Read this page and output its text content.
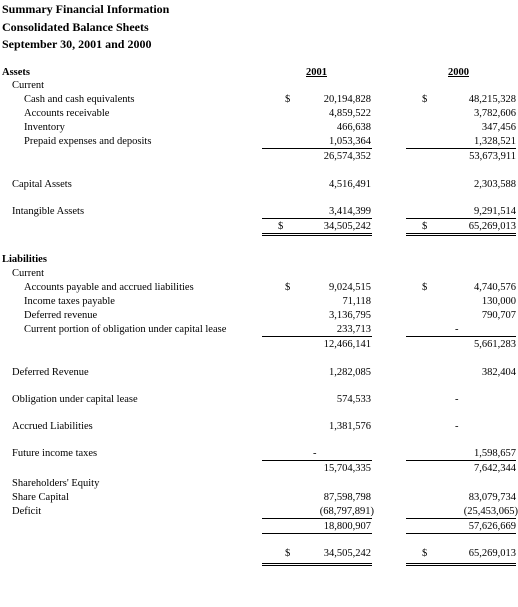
Summary Financial Information
Consolidated Balance Sheets
September 30, 2001 and 2000
2001	2000
Assets
Current
Cash and cash equivalents	$	20,194,828	$	48,215,328
Accounts receivable	4,859,522	3,782,606
Inventory	466,638	347,456
Prepaid expenses and deposits	1,053,364	1,328,521
26,574,352	53,673,911
Capital Assets	4,516,491	2,303,588
Intangible Assets	3,414,399	9,291,514
$	34,505,242	$	65,269,013
Liabilities
Current
Accounts payable and accrued liabilities	$	9,024,515	$	4,740,576
Income taxes payable	71,118	130,000
Deferred revenue	3,136,795	790,707
Current portion of obligation under capital lease	233,713	-
12,466,141	5,661,283
Deferred Revenue	1,282,085	382,404
Obligation under capital lease	574,533	-
Accrued Liabilities	1,381,576	-
Future income taxes	-	1,598,657
15,704,335	7,642,344
Shareholders' Equity
Share Capital	87,598,798	83,079,734
Deficit	(68,797,891)	(25,453,065)
18,800,907	57,626,669
$	34,505,242	$	65,269,013
